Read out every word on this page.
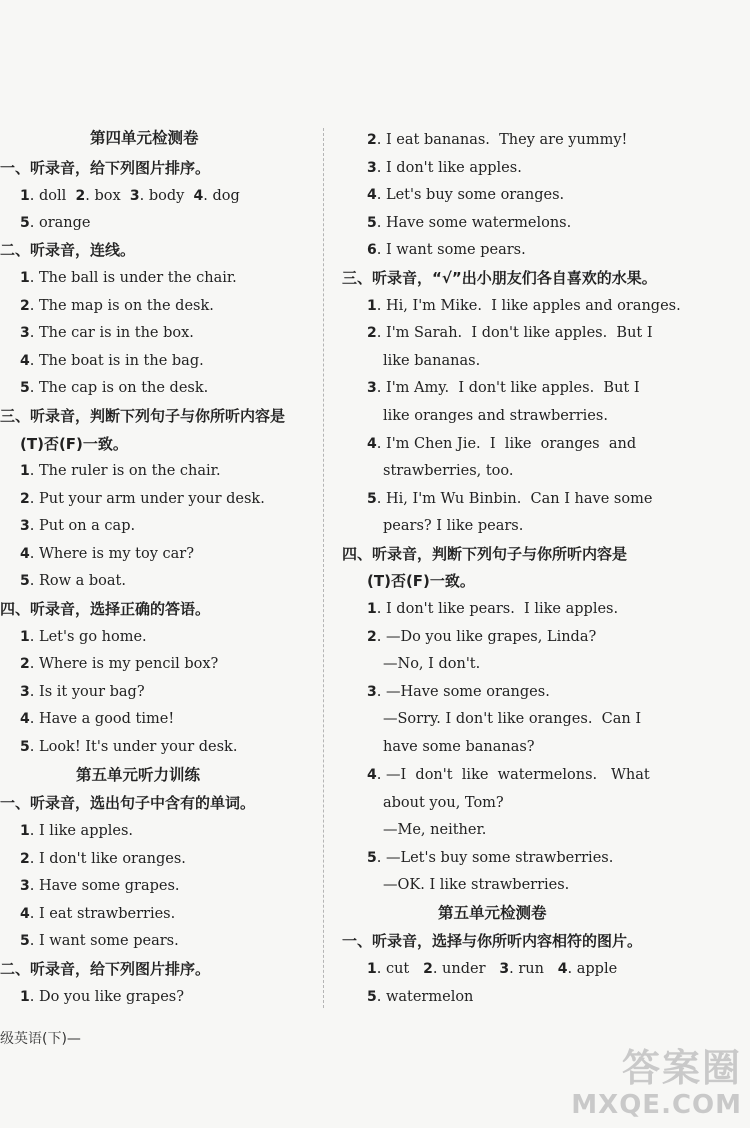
级英语(下)—
答案圈
MXQE.COM
第四单元检测卷
一、听录音，给下列图片排序。
1. doll  2. box  3. body  4. dog
5. orange
二、听录音，连线。
1. The ball is under the chair.
2. The map is on the desk.
3. The car is in the box.
4. The boat is in the bag.
5. The cap is on the desk.
三、听录音，判断下列句子与你所听内容是
(T)否(F)一致。
1. The ruler is on the chair.
2. Put your arm under your desk.
3. Put on a cap.
4. Where is my toy car?
5. Row a boat.
四、听录音，选择正确的答语。
1. Let's go home.
2. Where is my pencil box?
3. Is it your bag?
4. Have a good time!
5. Look! It's under your desk.
第五单元听力训练
一、听录音，选出句子中含有的单词。
1. I like apples.
2. I don't like oranges.
3. Have some grapes.
4. I eat strawberries.
5. I want some pears.
二、听录音，给下列图片排序。
1. Do you like grapes?
2. I eat bananas.  They are yummy!
3. I don't like apples.
4. Let's buy some oranges.
5. Have some watermelons.
6. I want some pears.
三、听录音，“√”出小朋友们各自喜欢的水果。
1. Hi, I'm Mike.  I like apples and oranges.
2. I'm Sarah.  I don't like apples.  But I
like bananas.
3. I'm Amy.  I don't like apples.  But I
like oranges and strawberries.
4. I'm Chen Jie.  I  like  oranges  and
strawberries, too.
5. Hi, I'm Wu Binbin.  Can I have some
pears? I like pears.
四、听录音，判断下列句子与你所听内容是
(T)否(F)一致。
1. I don't like pears.  I like apples.
2. —Do you like grapes, Linda?
—No, I don't.
3. —Have some oranges.
—Sorry. I don't like oranges.  Can I
have some bananas?
4. —I  don't  like  watermelons.   What
about you, Tom?
—Me, neither.
5. —Let's buy some strawberries.
—OK. I like strawberries.
第五单元检测卷
一、听录音，选择与你所听内容相符的图片。
1. cut   2. under   3. run   4. apple
5. watermelon
